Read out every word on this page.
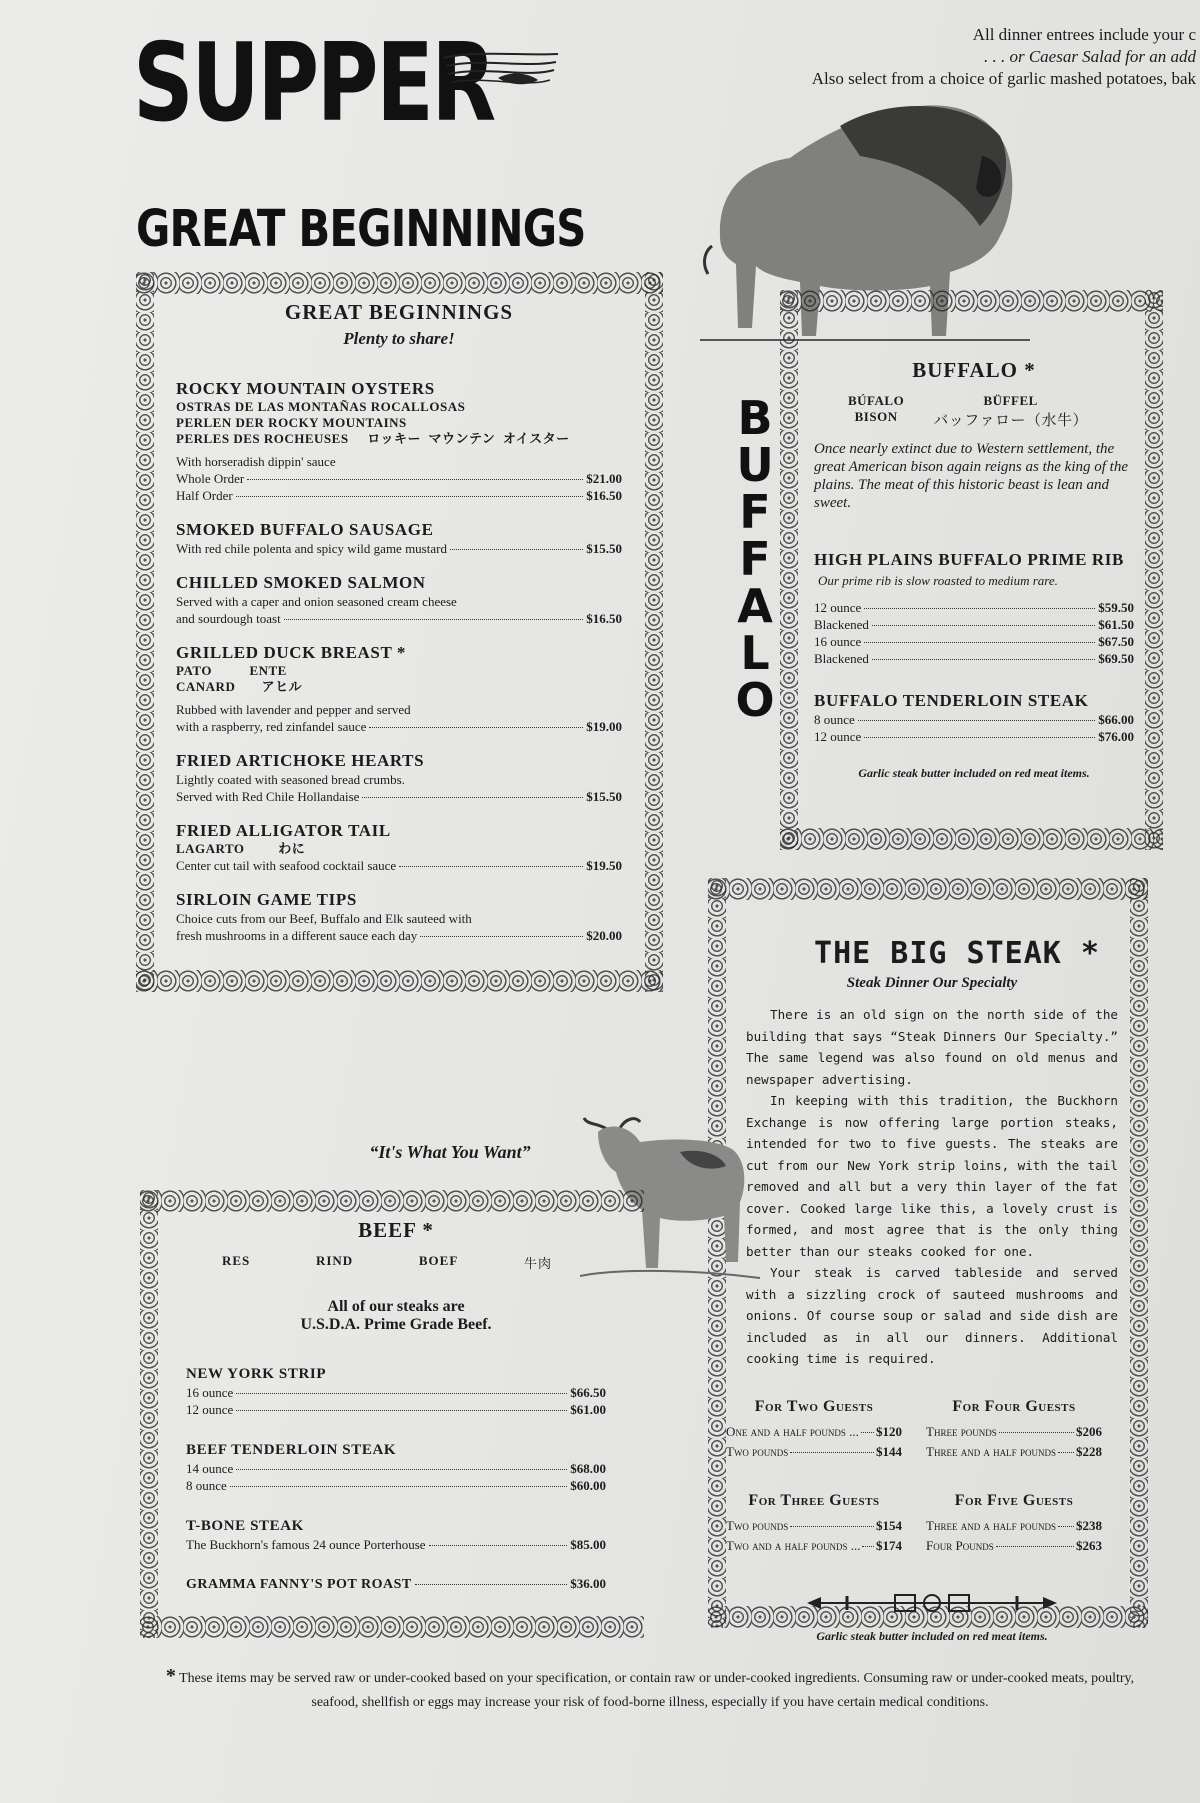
SUPPER	All dinner entrees include your c
. . . or Caesar Salad for an add
Also select from a choice of garlic mashed potatoes, bak
GREAT BEGINNINGS
GREAT BEGINNINGS
Plenty to share!
ROCKY MOUNTAIN OYSTERS
OSTRAS DE LAS MONTAÑAS ROCALLOSAS
PERLEN DER ROCKY MOUNTAINS
PERLES DES ROCHEUSES     ロッキー  マウンテン  オイスター
With horseradish dippin' sauce
Whole Order	$21.00
Half Order	$16.50
SMOKED BUFFALO SAUSAGE
With red chile polenta and spicy wild game mustard	$15.50
CHILLED SMOKED SALMON
Served with a caper and onion seasoned cream cheese
and sourdough toast	$16.50
GRILLED DUCK BREAST *
PATO          ENTE
CANARD       アヒル
Rubbed with lavender and pepper and served
with a raspberry, red zinfandel sauce	$19.00
FRIED ARTICHOKE HEARTS
Lightly coated with seasoned bread crumbs.
Served with Red Chile Hollandaise	$15.50
FRIED ALLIGATOR TAIL
LAGARTO         わに
Center cut tail with seafood cocktail sauce	$19.50
SIRLOIN GAME TIPS
Choice cuts from our Beef, Buffalo and Elk sauteed with
fresh mushrooms in a different sauce each day	$20.00
B
U
F
F
A
L
O
BUFFALO *
BÚFALO
BISON
BÜFFEL
バッファロー（水牛）
Once nearly extinct due to Western settlement, the great American bison again reigns as the king of the plains. The meat of this historic beast is lean and sweet.
HIGH PLAINS BUFFALO PRIME RIB
Our prime rib is slow roasted to medium rare.
12 ounce	$59.50
Blackened	$61.50
16 ounce	$67.50
Blackened	$69.50
BUFFALO TENDERLOIN STEAK
8 ounce	$66.00
12 ounce	$76.00
Garlic steak butter included on red meat items.
THE BIG STEAK *
Steak Dinner Our Specialty
There is an old sign on the north side of the building that says “Steak Dinners Our Specialty.” The same legend was also found on old menus and newspaper advertising.
In keeping with this tradition, the Buckhorn Exchange is now offering large portion steaks, intended for two to five guests. The steaks are cut from our New York strip loins, with the tail removed and all but a very thin layer of the fat cover. Cooked large like this, a lovely crust is formed, and most agree that is the only thing better than our steaks cooked for one.
Your steak is carved tableside and served with a sizzling crock of sauteed mushrooms and onions. Of course soup or salad and side dish are included as in all our dinners. Additional cooking time is required.
For Two Guests
One and a half pounds ... $120
Two pounds	$144
For Four Guests
Three pounds	$206
Three and a half pounds $228
For Three Guests
Two pounds	$154
Two and a half pounds ... $174
For Five Guests
Three and a half pounds $238
Four Pounds	$263
Garlic steak butter included on red meat items.
“It's What You Want”
BEEF *
RES	RIND	BOEF	牛肉
All of our steaks are
U.S.D.A. Prime Grade Beef.
NEW YORK STRIP
16 ounce	$66.50
12 ounce	$61.00
BEEF TENDERLOIN STEAK
14 ounce	$68.00
8 ounce	$60.00
T-BONE STEAK
The Buckhorn's famous 24 ounce Porterhouse	$85.00
GRAMMA FANNY'S POT ROAST	$36.00
* These items may be served raw or under-cooked based on your specification, or contain raw or under-cooked ingredients. Consuming raw or under-cooked meats, poultry, seafood, shellfish or eggs may increase your risk of food-borne illness, especially if you have certain medical conditions.
